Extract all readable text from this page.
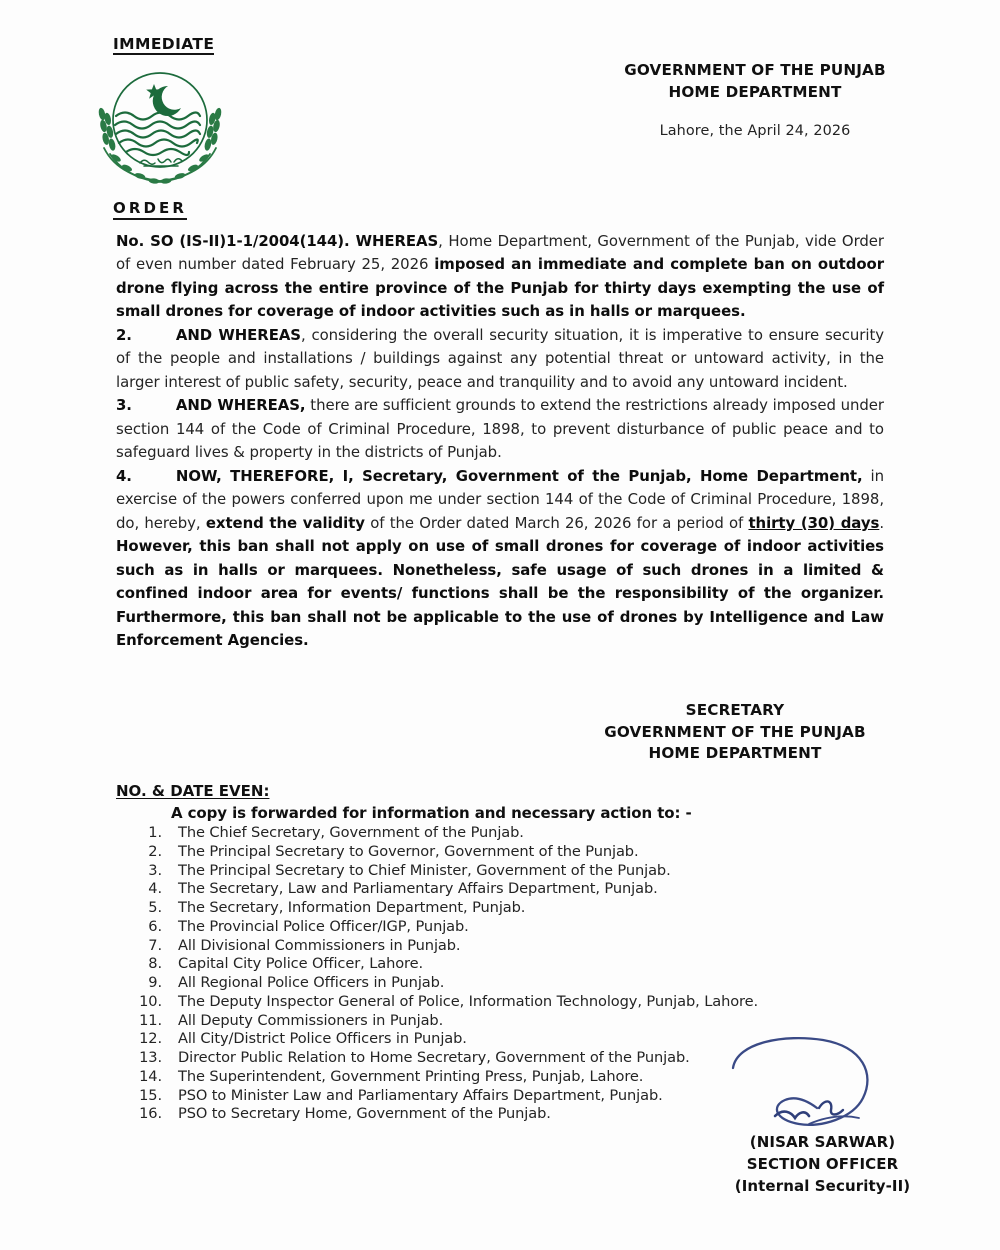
IMMEDIATE
GOVERNMENT OF THE PUNJAB
HOME DEPARTMENT
Lahore, the April 24, 2026
ORDER

No. SO (IS-II)1-1/2004(144). WHEREAS, Home Department, Government of the Punjab, vide Order of even number dated February 25, 2026 imposed an immediate and complete ban on outdoor drone flying across the entire province of the Punjab for thirty days exempting the use of small drones for coverage of indoor activities such as in halls or marquees.

2.	AND WHEREAS, considering the overall security situation, it is imperative to ensure security of the people and installations / buildings against any potential threat or untoward activity, in the larger interest of public safety, security, peace and tranquility and to avoid any untoward incident.

3.	AND WHEREAS, there are sufficient grounds to extend the restrictions already imposed under section 144 of the Code of Criminal Procedure, 1898, to prevent disturbance of public peace and to safeguard lives & property in the districts of Punjab.

4.	NOW, THEREFORE, I, Secretary, Government of the Punjab, Home Department, in exercise of the powers conferred upon me under section 144 of the Code of Criminal Procedure, 1898, do, hereby, extend the validity of the Order dated March 26, 2026 for a period of thirty (30) days. However, this ban shall not apply on use of small drones for coverage of indoor activities such as in halls or marquees. Nonetheless, safe usage of such drones in a limited & confined indoor area for events/ functions shall be the responsibility of the organizer. Furthermore, this ban shall not be applicable to the use of drones by Intelligence and Law Enforcement Agencies.

SECRETARY
GOVERNMENT OF THE PUNJAB
HOME DEPARTMENT
NO. & DATE EVEN:
A copy is forwarded for information and necessary action to: -
1.	The Chief Secretary, Government of the Punjab.
2.	The Principal Secretary to Governor, Government of the Punjab.
3.	The Principal Secretary to Chief Minister, Government of the Punjab.
4.	The Secretary, Law and Parliamentary Affairs Department, Punjab.
5.	The Secretary, Information Department, Punjab.
6.	The Provincial Police Officer/IGP, Punjab.
7.	All Divisional Commissioners in Punjab.
8.	Capital City Police Officer, Lahore.
9.	All Regional Police Officers in Punjab.
10.	The Deputy Inspector General of Police, Information Technology, Punjab, Lahore.
11.	All Deputy Commissioners in Punjab.
12.	All City/District Police Officers in Punjab.
13.	Director Public Relation to Home Secretary, Government of the Punjab.
14.	The Superintendent, Government Printing Press, Punjab, Lahore.
15.	PSO to Minister Law and Parliamentary Affairs Department, Punjab.
16.	PSO to Secretary Home, Government of the Punjab.
(NISAR SARWAR)
SECTION OFFICER
(Internal Security-II)
